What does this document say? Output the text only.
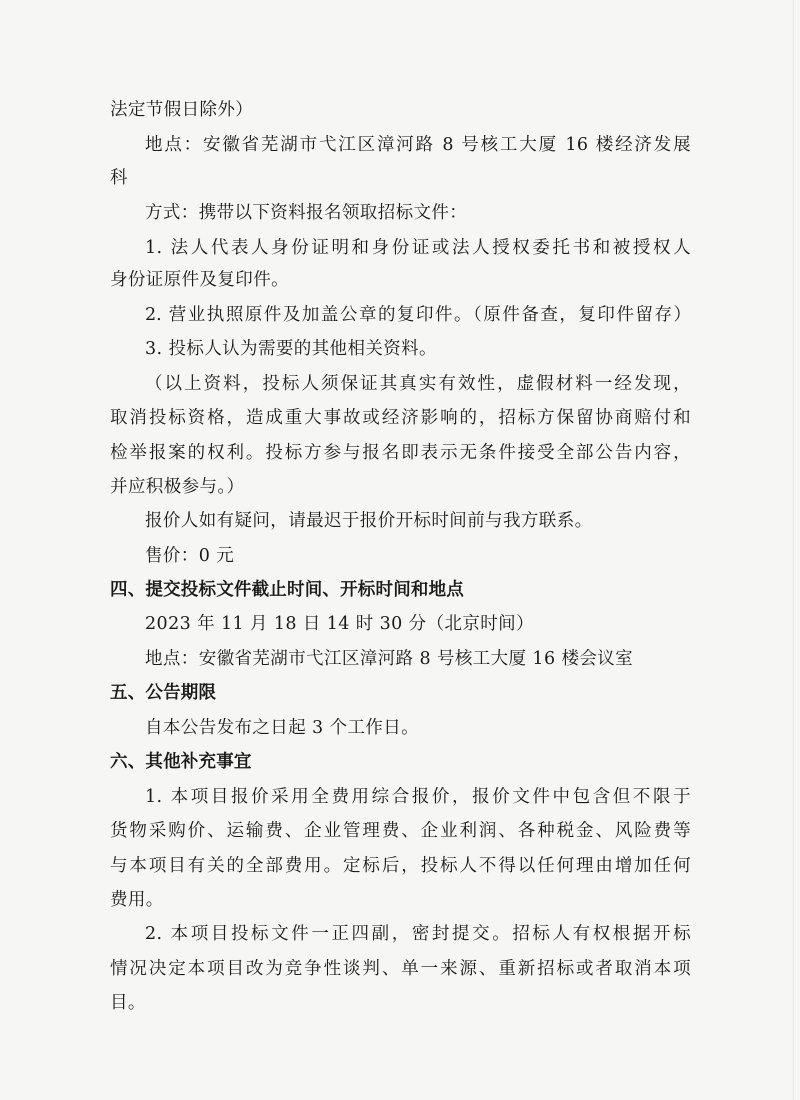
法定节假日除外）
地点：安徽省芜湖市弋江区漳河路 8 号核工大厦 16 楼经济发展
科
方式：携带以下资料报名领取招标文件：
1. 法人代表人身份证明和身份证或法人授权委托书和被授权人
身份证原件及复印件。
2. 营业执照原件及加盖公章的复印件。（原件备查，复印件留存）
3. 投标人认为需要的其他相关资料。
（以上资料，投标人须保证其真实有效性，虚假材料一经发现，
取消投标资格，造成重大事故或经济影响的，招标方保留协商赔付和
检举报案的权利。投标方参与报名即表示无条件接受全部公告内容，
并应积极参与。）
报价人如有疑问，请最迟于报价开标时间前与我方联系。
售价：0 元
四、提交投标文件截止时间、开标时间和地点
2023 年 11 月 18 日 14 时 30 分（北京时间）
地点：安徽省芜湖市弋江区漳河路 8 号核工大厦 16 楼会议室
五、公告期限
自本公告发布之日起 3 个工作日。
六、其他补充事宜
1. 本项目报价采用全费用综合报价，报价文件中包含但不限于
货物采购价、运输费、企业管理费、企业利润、各种税金、风险费等
与本项目有关的全部费用。定标后，投标人不得以任何理由增加任何
费用。
2. 本项目投标文件一正四副，密封提交。招标人有权根据开标
情况决定本项目改为竞争性谈判、单一来源、重新招标或者取消本项
目。
